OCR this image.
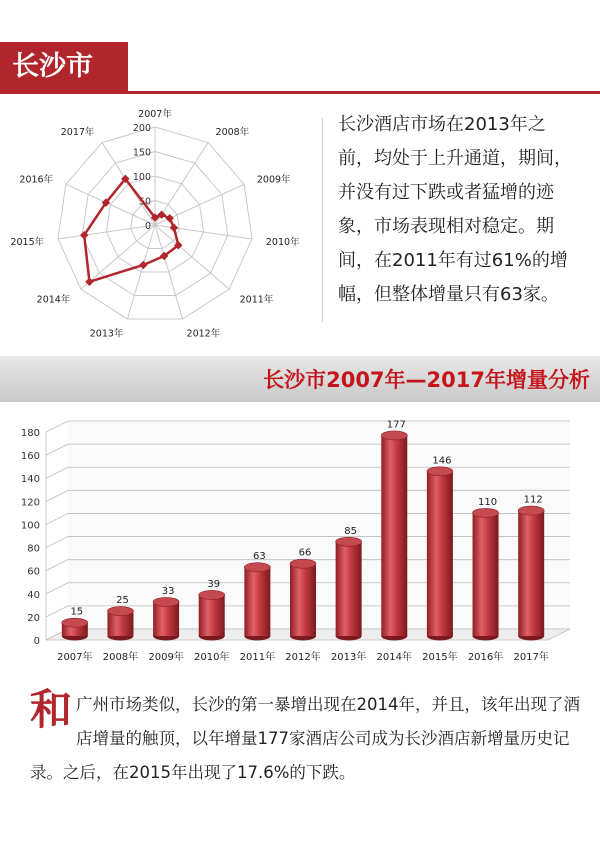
长沙市
0
50
100
150
200
2007年
2008年
2009年
2010年
2011年
2012年
2013年
2014年
2015年
2016年
2017年	长沙酒店市场在2013年之前，均处于上升通道，期间，并没有过下跌或者猛增的迹象，市场表现相对稳定。期间，在2011年有过61%的增幅，但整体增量只有63家。
长沙市2007年—2017年增量分析
0
20
40
60
80
100
120
140
160
180
15
2007年
25
2008年
33
2009年
39
2010年
63
2011年
66
2012年
85
2013年
177
2014年
146
2015年
110
2016年
112
2017年
和 广州市场类似，长沙的第一暴增出现在2014年，并且，该年出现了酒店增量的触顶，以年增量177家酒店公司成为长沙酒店新增量历史记录。之后，在2015年出现了17.6%的下跌。
